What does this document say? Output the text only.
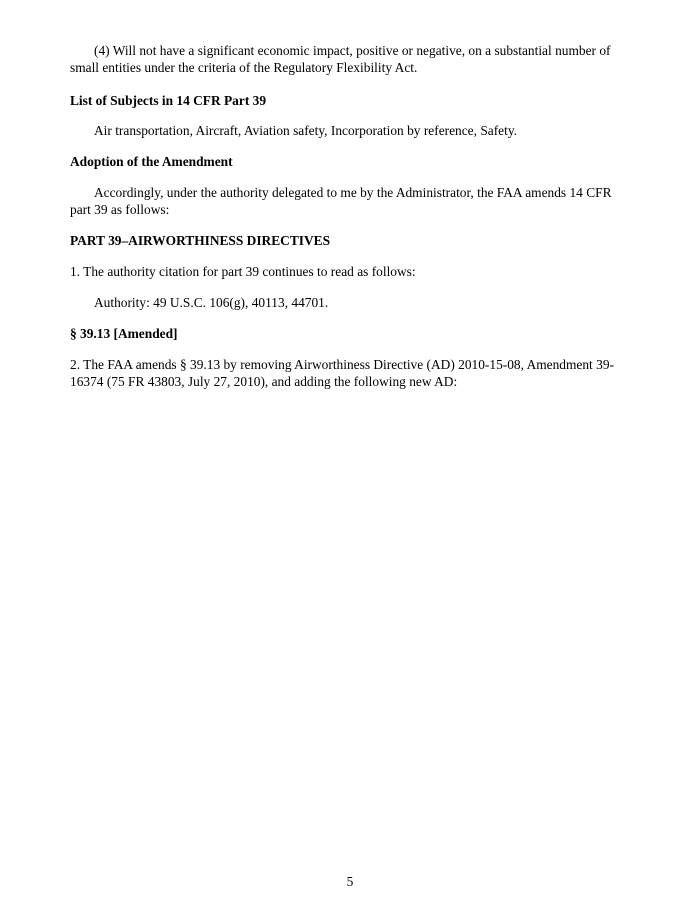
(4) Will not have a significant economic impact, positive or negative, on a substantial number of small entities under the criteria of the Regulatory Flexibility Act.

List of Subjects in 14 CFR Part 39

Air transportation, Aircraft, Aviation safety, Incorporation by reference, Safety.

Adoption of the Amendment

Accordingly, under the authority delegated to me by the Administrator, the FAA amends 14 CFR part 39 as follows:

PART 39–AIRWORTHINESS DIRECTIVES

1. The authority citation for part 39 continues to read as follows:

Authority: 49 U.S.C. 106(g), 40113, 44701.

§ 39.13 [Amended]

2. The FAA amends § 39.13 by removing Airworthiness Directive (AD) 2010-15-08, Amendment 39-16374 (75 FR 43803, July 27, 2010), and adding the following new AD:

5
